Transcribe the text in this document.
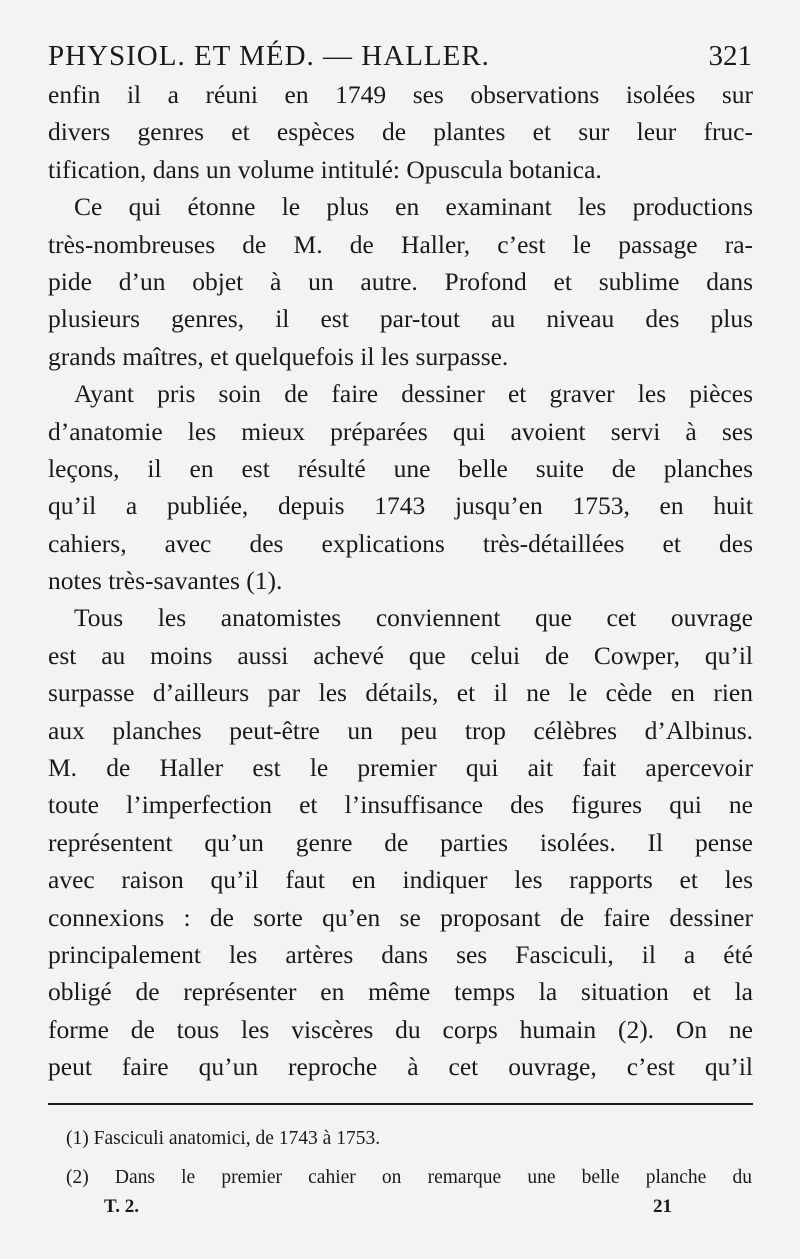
PHYSIOL. ET MÉD. — HALLER.	321
enfin il a réuni en 1749 ses observations isolées sur
divers genres et espèces de plantes et sur leur fruc-
tification, dans un volume intitulé: Opuscula botanica.
Ce qui étonne le plus en examinant les productions
très-nombreuses de M. de Haller, c’est le passage ra-
pide d’un objet à un autre. Profond et sublime dans
plusieurs genres, il est par-tout au niveau des plus
grands maîtres, et quelquefois il les surpasse.
Ayant pris soin de faire dessiner et graver les pièces
d’anatomie les mieux préparées qui avoient servi à ses
leçons, il en est résulté une belle suite de planches
qu’il a publiée, depuis 1743 jusqu’en 1753, en huit
cahiers, avec des explications très-détaillées et des
notes très-savantes (1).
Tous les anatomistes conviennent que cet ouvrage
est au moins aussi achevé que celui de Cowper, qu’il
surpasse d’ailleurs par les détails, et il ne le cède en rien
aux planches peut-être un peu trop célèbres d’Albinus.
M. de Haller est le premier qui ait fait apercevoir
toute l’imperfection et l’insuffisance des figures qui ne
représentent qu’un genre de parties isolées. Il pense
avec raison qu’il faut en indiquer les rapports et les
connexions : de sorte qu’en se proposant de faire dessiner
principalement les artères dans ses Fasciculi, il a été
obligé de représenter en même temps la situation et la
forme de tous les viscères du corps humain (2). On ne
peut faire qu’un reproche à cet ouvrage, c’est qu’il
(1) Fasciculi anatomici, de 1743 à 1753.
(2) Dans le premier cahier on remarque une belle planche du
T. 2.	21
